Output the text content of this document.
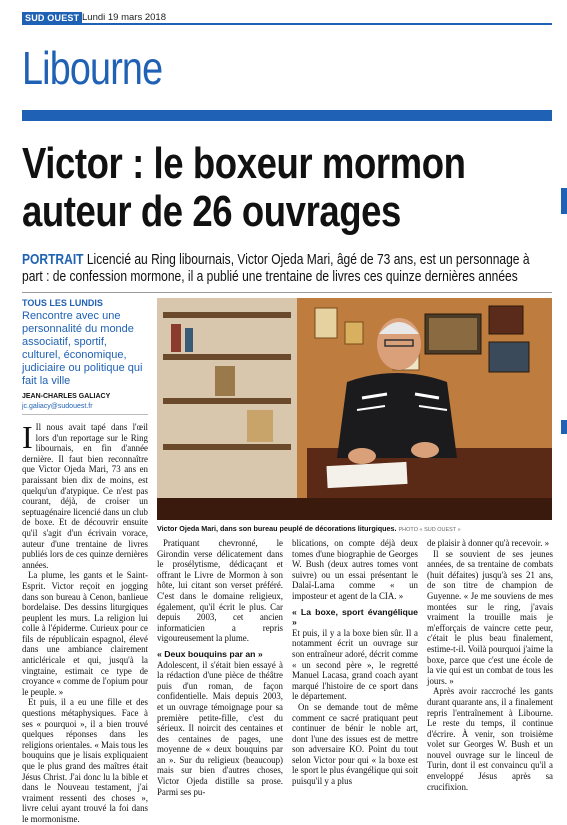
SUD OUEST Lundi 19 mars 2018
Libourne
Victor : le boxeur mormon
auteur de 26 ouvrages
PORTRAIT Licencié au Ring libournais, Victor Ojeda Mari, âgé de 73 ans, est un personnage à part : de confession mormone, il a publié une trentaine de livres ces quinze dernières années
TOUS LES LUNDIS
Rencontre avec une personnalité du monde associatif, sportif, culturel, économique, judiciaire ou politique qui fait la ville
JEAN-CHARLES GALIACY
jc.galiacy@sudouest.fr

I Il nous avait tapé dans l'œil lors d'un reportage sur le Ring libournais, en fin d'année dernière. Il faut bien reconnaître que Victor Ojeda Mari, 73 ans en paraissant bien dix de moins, est quelqu'un d'atypique. Ce n'est pas courant, déjà, de croiser un septuagénaire licencié dans un club de boxe. Et de découvrir ensuite qu'il s'agit d'un écrivain vorace, auteur d'une trentaine de livres publiés lors de ces quinze dernières années.

La plume, les gants et le Saint-Esprit. Victor reçoit en jogging dans son bureau à Cenon, banlieue bordelaise. Des dessins liturgiques peuplent les murs. La religion lui colle à l'épiderme. Curieux pour ce fils de républicain espagnol, élevé dans une ambiance clairement anticléricale et qui, jusqu'à la vingtaine, estimait ce type de croyance « comme de l'opium pour le peuple. »

Et puis, il a eu une fille et des questions métaphysiques. Face à ses « pourquoi », il a bien trouvé quelques réponses dans les religions orientales. « Mais tous les bouquins que je lisais expliquaient que le plus grand des maîtres était Jésus Christ. J'ai donc lu la bible et dans le Nouveau testament, j'ai vraiment ressenti des choses », livre celui ayant trouvé la foi dans le mormonisme.

Pratiquant chevronné, le Girondin verse délicatement dans le prosélytisme, dédicaçant et offrant le Livre de Mormon à son hôte, lui citant son verset préféré. C'est dans le domaine religieux, également, qu'il écrit le plus. Car depuis 2003, cet ancien informaticien a repris vigoureusement la plume.

« Deux bouquins par an »

Adolescent, il s'était bien essayé à la rédaction d'une pièce de théâtre puis d'un roman, de façon confidentielle. Mais depuis 2003, et un ouvrage témoignage pour sa première petite-fille, c'est du sérieux. Il noircit des centaines et des centaines de pages, une moyenne de « deux bouquins par an ». Sur du religieux (beaucoup) mais sur bien d'autres choses, Victor Ojeda distille sa prose. Parmi ses pu-

blications, on compte déjà deux tomes d'une biographie de Georges W. Bush (deux autres tomes vont suivre) ou un essai présentant le Dalaï-Lama comme « un imposteur et agent de la CIA. »

« La boxe, sport évangélique »

Et puis, il y a la boxe bien sûr. Il a notamment écrit un ouvrage sur son entraîneur adoré, décrit comme « un second père », le regretté Manuel Lacasa, grand coach ayant marqué l'histoire de ce sport dans le département.

On se demande tout de même comment ce sacré pratiquant peut continuer de bénir le noble art, dont l'une des issues est de mettre son adversaire KO. Point du tout selon Victor pour qui « la boxe est le sport le plus évangélique qui soit puisqu'il y a plus

de plaisir à donner qu'à recevoir. »

Il se souvient de ses jeunes années, de sa trentaine de combats (huit défaites) jusqu'à ses 21 ans, de son titre de champion de Guyenne. « Je me souviens de mes montées sur le ring, j'avais vraiment la trouille mais je m'efforçais de vaincre cette peur, c'était le plus beau finalement, estime-t-il. Voilà pourquoi j'aime la boxe, parce que c'est une école de la vie qui est un combat de tous les jours. »

Après avoir raccroché les gants durant quarante ans, il a finalement repris l'entraînement à Libourne. Le reste du temps, il continue d'écrire. À venir, son troisième volet sur Georges W. Bush et un nouvel ouvrage sur le linceul de Turin, dont il est convaincu qu'il a enveloppé Jésus après sa crucifixion.

Victor Ojeda Mari, dans son bureau peuplé de décorations liturgiques. PHOTO « SUD OUEST »
